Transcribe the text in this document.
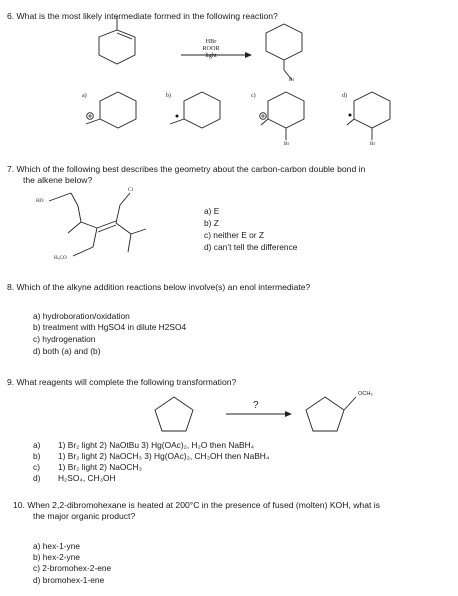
6. What is the most likely intermediate formed in the following reaction?
HBr
ROOR
light
Br
a)	b)	c)	d)
Br	Br
7. Which of the following best describes the geometry about the carbon-carbon double bond in
the alkene below?
HO
Cl
H₃CO
a) E
b) Z
c) neither E or Z
d) can’t tell the difference
8. Which of the alkyne addition reactions below involve(s) an enol intermediate?
a) hydroboration/oxidation
b) treatment with HgSO4 in dilute H2SO4
c) hydrogenation
d) both (a) and (b)
9. What reagents will complete the following transformation?
?
OCH₃
a) 1) Br₂ light 2) NaOtBu 3) Hg(OAc)₂, H₂O then NaBH₄
b) 1) Br₂ light 2) NaOCH₃ 3) Hg(OAc)₂, CH₃OH then NaBH₄
c) 1) Br₂ light 2) NaOCH₃
d) H₂SO₄, CH₃OH
10. When 2,2-dibromohexane is heated at 200°C in the presence of fused (molten) KOH, what is
the major organic product?
a) hex-1-yne
b) hex-2-yne
c) 2-bromohex-2-ene
d) bromohex-1-ene
